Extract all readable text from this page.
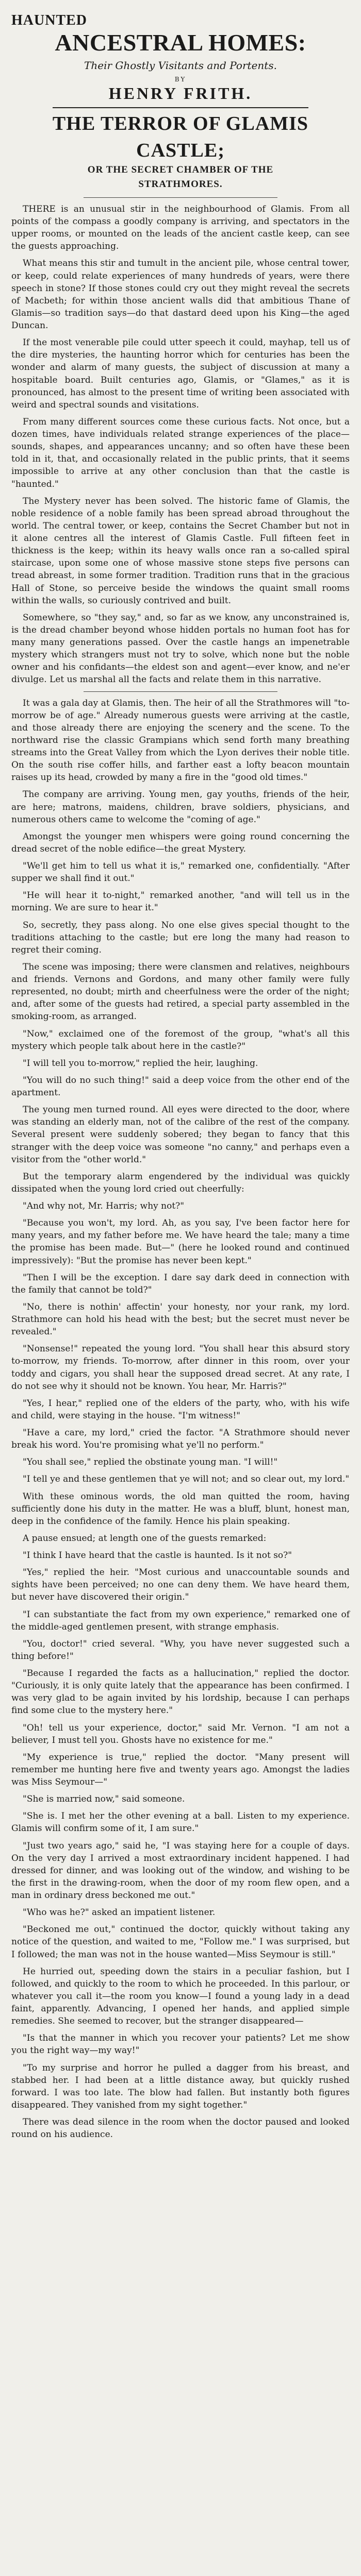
HAUNTED
ANCESTRAL HOMES:
Their Ghostly Visitants and Portents.
BY
HENRY FRITH.
THE TERROR OF GLAMIS
CASTLE;
OR THE SECRET CHAMBER OF THE
STRATHMORES.

THERE is an unusual stir in the neighbourhood of Glamis. From all points of the compass a goodly company is arriving, and spectators in the upper rooms, or mounted on the leads of the ancient castle keep, can see the guests approaching.

What means this stir and tumult in the ancient pile, whose central tower, or keep, could relate experiences of many hundreds of years, were there speech in stone? If those stones could cry out they might reveal the secrets of Macbeth; for within those ancient walls did that ambitious Thane of Glamis—so tradition says—do that dastard deed upon his King—the aged Duncan.

If the most venerable pile could utter speech it could, mayhap, tell us of the dire mysteries, the haunting horror which for centuries has been the wonder and alarm of many guests, the subject of discussion at many a hospitable board. Built centuries ago, Glamis, or "Glames," as it is pronounced, has almost to the present time of writing been associated with weird and spectral sounds and visitations.

From many different sources come these curious facts. Not once, but a dozen times, have individuals related strange experiences of the place—sounds, shapes, and appearances uncanny; and so often have these been told in it, that, and occasionally related in the public prints, that it seems impossible to arrive at any other conclusion than that the castle is "haunted."

The Mystery never has been solved. The historic fame of Glamis, the noble residence of a noble family has been spread abroad throughout the world. The central tower, or keep, contains the Secret Chamber but not in it alone centres all the interest of Glamis Castle. Full fifteen feet in thickness is the keep; within its heavy walls once ran a so-called spiral staircase, upon some one of whose massive stone steps five persons can tread abreast, in some former tradition. Tradition runs that in the gracious Hall of Stone, so perceive beside the windows the quaint small rooms within the walls, so curiously contrived and built.

Somewhere, so "they say," and, so far as we know, any unconstrained is, is the dread chamber beyond whose hidden portals no human foot has for many many generations passed. Over the castle hangs an impenetrable mystery which strangers must not try to solve, which none but the noble owner and his confidants—the eldest son and agent—ever know, and ne'er divulge. Let us marshal all the facts and relate them in this narrative.

It was a gala day at Glamis, then. The heir of all the Strathmores will "to-morrow be of age." Already numerous guests were arriving at the castle, and those already there are enjoying the scenery and the scene. To the northward rise the classic Grampians which send forth many breathing streams into the Great Valley from which the Lyon derives their noble title. On the south rise coffer hills, and farther east a lofty beacon mountain raises up its head, crowded by many a fire in the "good old times."

The company are arriving. Young men, gay youths, friends of the heir, are here; matrons, maidens, children, brave soldiers, physicians, and numerous others came to welcome the "coming of age."

Amongst the younger men whispers were going round concerning the dread secret of the noble edifice—the great Mystery.

"We'll get him to tell us what it is," remarked one, confidentially. "After supper we shall find it out."

"He will hear it to-night," remarked another, "and will tell us in the morning. We are sure to hear it."

So, secretly, they pass along. No one else gives special thought to the traditions attaching to the castle; but ere long the many had reason to regret their coming.

The scene was imposing; there were clansmen and relatives, neighbours and friends. Vernons and Gordons, and many other family were fully represented, no doubt; mirth and cheerfulness were the order of the night; and, after some of the guests had retired, a special party assembled in the smoking-room, as arranged.

"Now," exclaimed one of the foremost of the group, "what's all this mystery which people talk about here in the castle?"

"I will tell you to-morrow," replied the heir, laughing.

"You will do no such thing!" said a deep voice from the other end of the apartment.

The young men turned round. All eyes were directed to the door, where was standing an elderly man, not of the calibre of the rest of the company. Several present were suddenly sobered; they began to fancy that this stranger with the deep voice was someone "no canny," and perhaps even a visitor from the "other world."

But the temporary alarm engendered by the individual was quickly dissipated when the young lord cried out cheerfully:

"And why not, Mr. Harris; why not?"

"Because you won't, my lord. Ah, as you say, I've been factor here for many years, and my father before me. We have heard the tale; many a time the promise has been made. But—" (here he looked round and continued impressively): "But the promise has never been kept."

"Then I will be the exception. I dare say dark deed in connection with the family that cannot be told?"

"No, there is nothin' affectin' your honesty, nor your rank, my lord. Strathmore can hold his head with the best; but the secret must never be revealed."

"Nonsense!" repeated the young lord. "You shall hear this absurd story to-morrow, my friends. To-morrow, after dinner in this room, over your toddy and cigars, you shall hear the supposed dread secret. At any rate, I do not see why it should not be known. You hear, Mr. Harris?"

"Yes, I hear," replied one of the elders of the party, who, with his wife and child, were staying in the house. "I'm witness!"

"Have a care, my lord," cried the factor. "A Strathmore should never break his word. You're promising what ye'll no perform."

"You shall see," replied the obstinate young man. "I will!"

"I tell ye and these gentlemen that ye will not; and so clear out, my lord."

With these ominous words, the old man quitted the room, having sufficiently done his duty in the matter. He was a bluff, blunt, honest man, deep in the confidence of the family. Hence his plain speaking.

A pause ensued; at length one of the guests remarked:

"I think I have heard that the castle is haunted. Is it not so?"

"Yes," replied the heir. "Most curious and unaccountable sounds and sights have been perceived; no one can deny them. We have heard them, but never have discovered their origin."

"I can substantiate the fact from my own experience," remarked one of the middle-aged gentlemen present, with strange emphasis.

"You, doctor!" cried several. "Why, you have never suggested such a thing before!"

"Because I regarded the facts as a hallucination," replied the doctor. "Curiously, it is only quite lately that the appearance has been confirmed. I was very glad to be again invited by his lordship, because I can perhaps find some clue to the mystery here."

"Oh! tell us your experience, doctor," said Mr. Vernon. "I am not a believer, I must tell you. Ghosts have no existence for me."

"My experience is true," replied the doctor. "Many present will remember me hunting here five and twenty years ago. Amongst the ladies was Miss Seymour—"

"She is married now," said someone.

"She is. I met her the other evening at a ball. Listen to my experience. Glamis will confirm some of it, I am sure."

"Just two years ago," said he, "I was staying here for a couple of days. On the very day I arrived a most extraordinary incident happened. I had dressed for dinner, and was looking out of the window, and wishing to be the first in the drawing-room, when the door of my room flew open, and a man in ordinary dress beckoned me out."

"Who was he?" asked an impatient listener.

"Beckoned me out," continued the doctor, quickly without taking any notice of the question, and waited to me, "Follow me." I was surprised, but I followed; the man was not in the house wanted—Miss Seymour is still."

He hurried out, speeding down the stairs in a peculiar fashion, but I followed, and quickly to the room to which he proceeded. In this parlour, or whatever you call it—the room you know—I found a young lady in a dead faint, apparently. Advancing, I opened her hands, and applied simple remedies. She seemed to recover, but the stranger disappeared—

"Is that the manner in which you recover your patients? Let me show you the right way—my way!"

"To my surprise and horror he pulled a dagger from his breast, and stabbed her. I had been at a little distance away, but quickly rushed forward. I was too late. The blow had fallen. But instantly both figures disappeared. They vanished from my sight together."

There was dead silence in the room when the doctor paused and looked round on his audience.
